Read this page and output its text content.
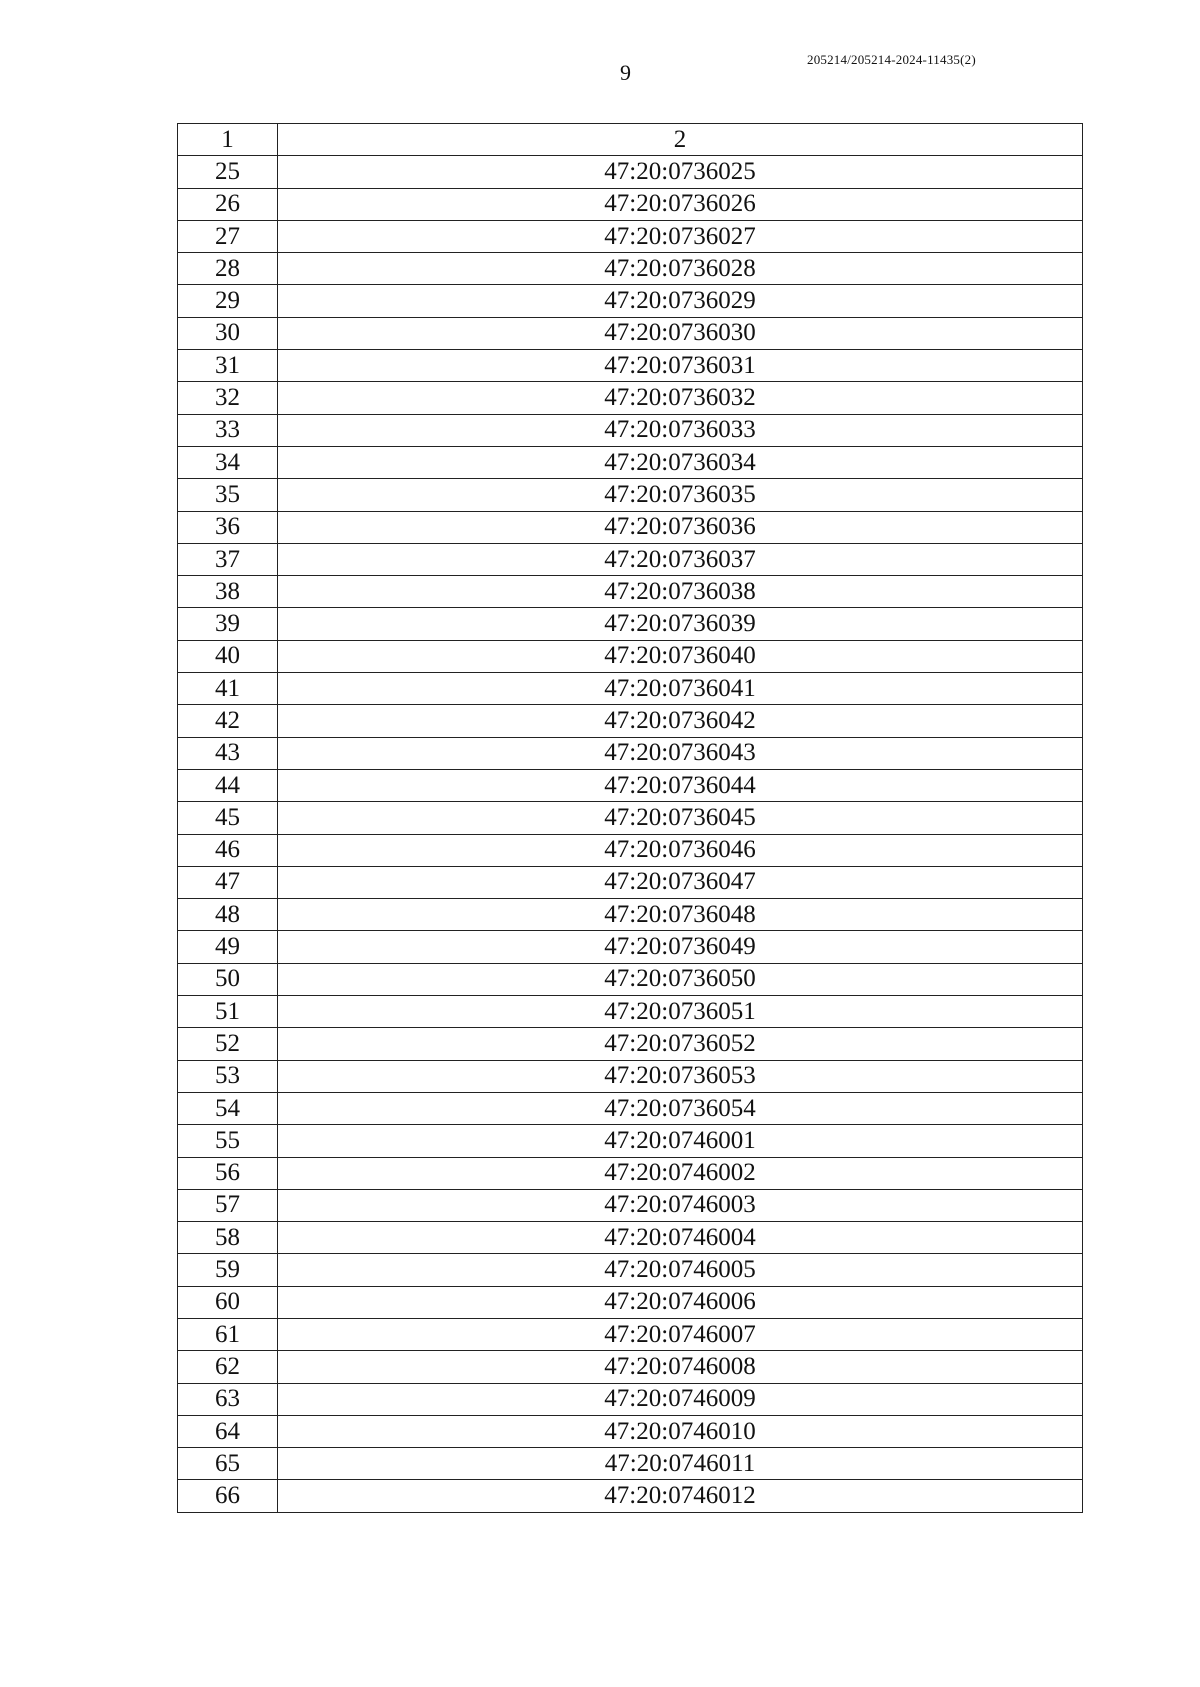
9
205214/205214-2024-11435(2)
1	2
25	47:20:0736025
26	47:20:0736026
27	47:20:0736027
28	47:20:0736028
29	47:20:0736029
30	47:20:0736030
31	47:20:0736031
32	47:20:0736032
33	47:20:0736033
34	47:20:0736034
35	47:20:0736035
36	47:20:0736036
37	47:20:0736037
38	47:20:0736038
39	47:20:0736039
40	47:20:0736040
41	47:20:0736041
42	47:20:0736042
43	47:20:0736043
44	47:20:0736044
45	47:20:0736045
46	47:20:0736046
47	47:20:0736047
48	47:20:0736048
49	47:20:0736049
50	47:20:0736050
51	47:20:0736051
52	47:20:0736052
53	47:20:0736053
54	47:20:0736054
55	47:20:0746001
56	47:20:0746002
57	47:20:0746003
58	47:20:0746004
59	47:20:0746005
60	47:20:0746006
61	47:20:0746007
62	47:20:0746008
63	47:20:0746009
64	47:20:0746010
65	47:20:0746011
66	47:20:0746012
